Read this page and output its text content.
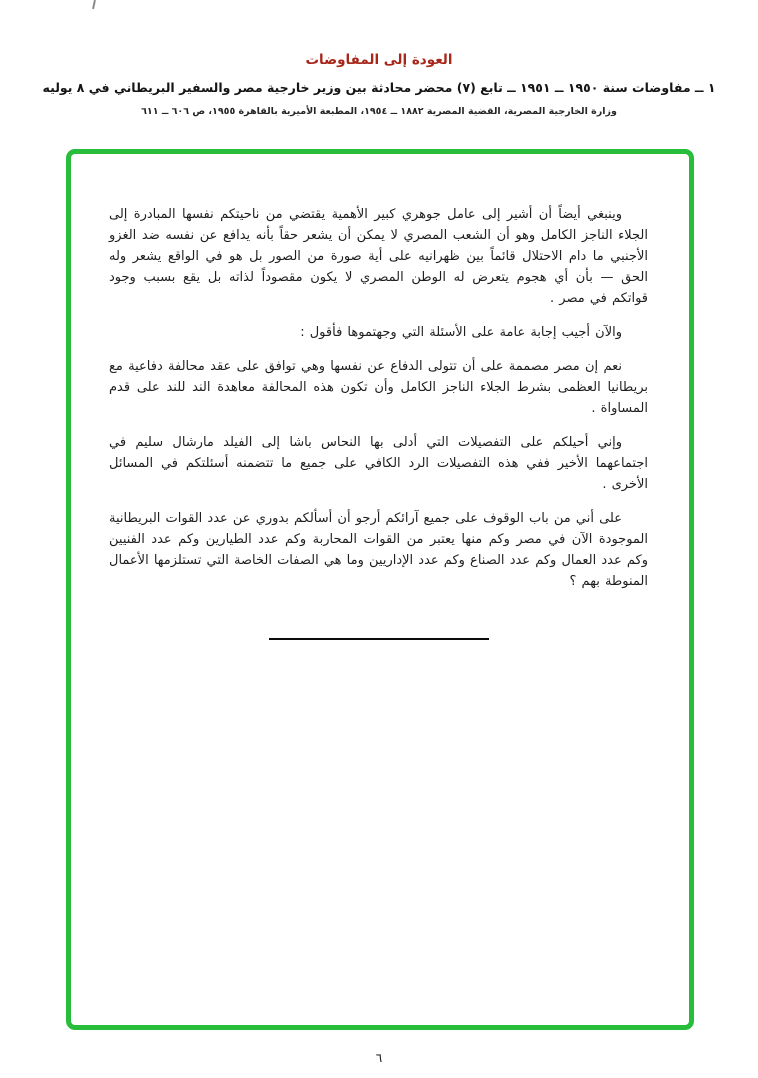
العودة إلى المفاوضات
١ ــ مفاوضات سنة ١٩٥٠ ــ ١٩٥١ ــ تابع (٧) محضر محادثة بين وزير خارجية مصر والسفير البريطاني في ٨ يوليه
وزارة الخارجية المصرية، القضية المصرية ١٨٨٢ ــ ١٩٥٤، المطبعة الأميرية بالقاهرة ١٩٥٥، ص ٦٠٦ ــ ٦١١

وينبغي أيضاً أن أشير إلى عامل جوهري كبير الأهمية يقتضي من ناحيتكم نفسها المبادرة إلى الجلاء الناجز الكامل وهو أن الشعب المصري لا يمكن أن يشعر حقاً بأنه يدافع عن نفسه ضد الغزو الأجنبي ما دام الاحتلال قائماً بين ظهرانيه على أية صورة من الصور بل هو في الواقع يشعر وله الحق — بأن أي هجوم يتعرض له الوطن المصري لا يكون مقصوداً لذاته بل يقع بسبب وجود قواتكم في مصر .

والآن أجيب إجابة عامة على الأسئلة التي وجهتموها فأقول :

نعم إن مصر مصممة على أن تتولى الدفاع عن نفسها وهي توافق على عقد محالفة دفاعية مع بريطانيا العظمى بشرط الجلاء الناجز الكامل وأن تكون هذه المحالفة معاهدة الند للند على قدم المساواة .

وإني أحيلكم على التفصيلات التي أدلى بها النحاس باشا إلى الفيلد مارشال سليم في اجتماعهما الأخير ففي هذه التفصيلات الرد الكافي على جميع ما تتضمنه أسئلتكم في المسائل الأخرى .

على أني من باب الوقوف على جميع آرائكم أرجو أن أسألكم بدوري عن عدد القوات البريطانية الموجودة الآن في مصر وكم منها يعتبر من القوات المحاربة وكم عدد الطيارين وكم عدد الفنيين وكم عدد العمال وكم عدد الصناع وكم عدد الإداريين وما هي الصفات الخاصة التي تستلزمها الأعمال المنوطة بهم ؟

٦
